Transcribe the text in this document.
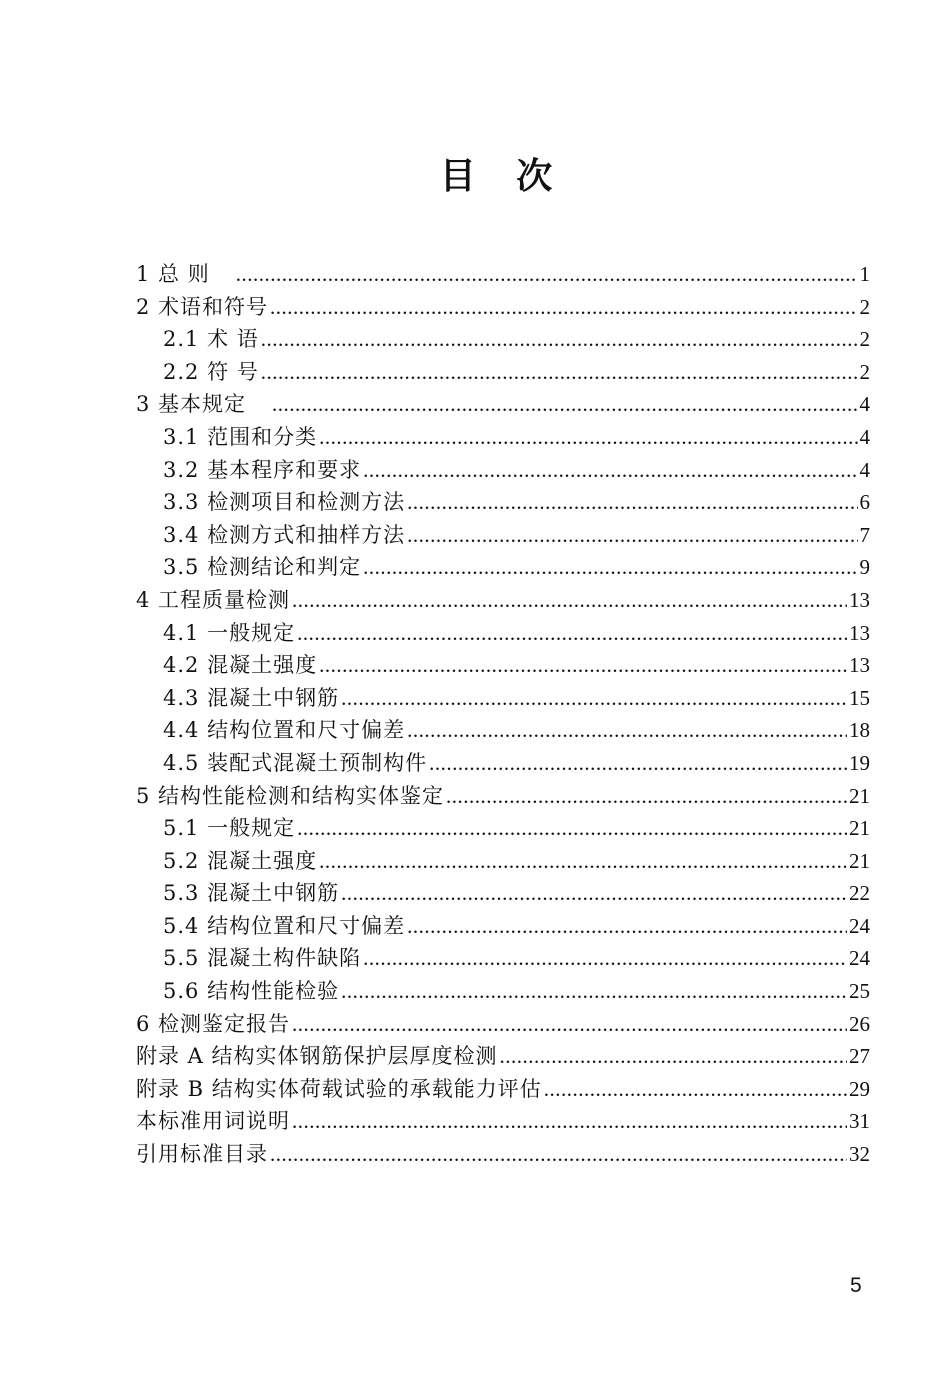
目 次
1 总 则 .....	1
2 术语和符号 .....	2
2.1 术 语 .....	2
2.2 符 号 .....	2
3 基本规定 .....	4
3.1 范围和分类 .....	4
3.2 基本程序和要求 .....	4
3.3 检测项目和检测方法 .....	6
3.4 检测方式和抽样方法 .....	7
3.5 检测结论和判定 .....	9
4 工程质量检测 .....	13
4.1 一般规定 .....	13
4.2 混凝土强度 .....	13
4.3 混凝土中钢筋 .....	15
4.4 结构位置和尺寸偏差 .....	18
4.5 装配式混凝土预制构件 .....	19
5 结构性能检测和结构实体鉴定 .....	21
5.1 一般规定 .....	21
5.2 混凝土强度 .....	21
5.3 混凝土中钢筋 .....	22
5.4 结构位置和尺寸偏差 .....	24
5.5 混凝土构件缺陷 .....	24
5.6 结构性能检验 .....	25
6 检测鉴定报告 .....	26
附录 A 结构实体钢筋保护层厚度检测 .....	27
附录 B 结构实体荷载试验的承载能力评估 .....	29
本标准用词说明 .....	31
引用标准目录 .....	32
5
